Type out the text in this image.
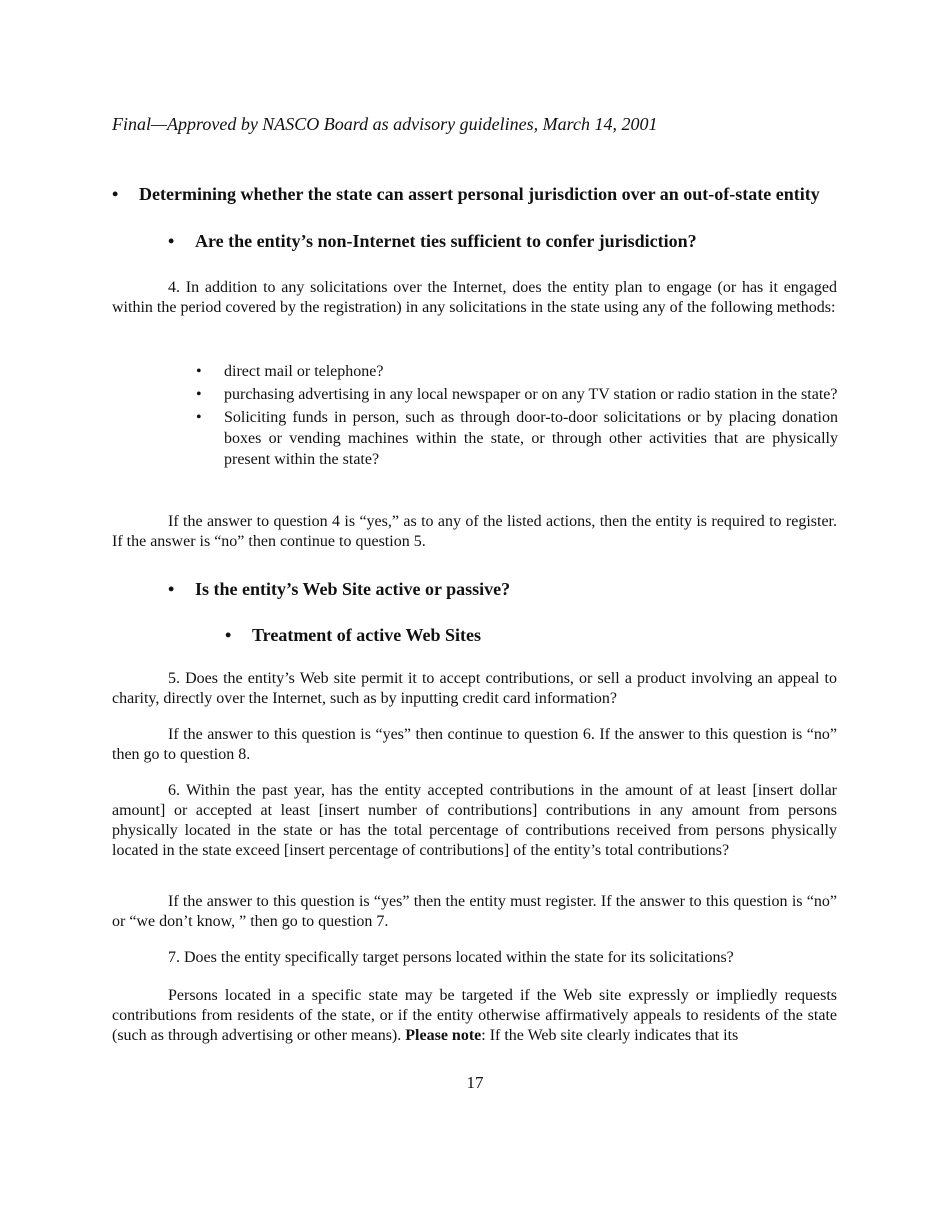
Final—Approved by NASCO Board as advisory guidelines, March 14, 2001
•	Determining whether the state can assert personal jurisdiction over an out-of-state entity
•	Are the entity’s non-Internet ties sufficient to confer jurisdiction?

4. In addition to any solicitations over the Internet, does the entity plan to engage (or has it engaged within the period covered by the registration) in any solicitations in the state using any of the following methods:

•	direct mail or telephone?
•	purchasing advertising in any local newspaper or on any TV station or radio station in the state?
•	Soliciting funds in person, such as through door-to-door solicitations or by placing donation boxes or vending machines within the state, or through other activities that are physically present within the state?

If the answer to question 4 is “yes,” as to any of the listed actions, then the entity is required to register. If the answer is “no” then continue to question 5.

•	Is the entity’s Web Site active or passive?
•	Treatment of active Web Sites

5. Does the entity’s Web site permit it to accept contributions, or sell a product involving an appeal to charity, directly over the Internet, such as by inputting credit card information?

If the answer to this question is “yes” then continue to question 6. If the answer to this question is “no” then go to question 8.

6. Within the past year, has the entity accepted contributions in the amount of at least [insert dollar amount] or accepted at least [insert number of contributions] contributions in any amount from persons physically located in the state or has the total percentage of contributions received from persons physically located in the state exceed [insert percentage of contributions] of the entity’s total contributions?

If the answer to this question is “yes” then the entity must register. If the answer to this question is “no” or “we don’t know, ” then go to question 7.

7. Does the entity specifically target persons located within the state for its solicitations?

Persons located in a specific state may be targeted if the Web site expressly or impliedly requests contributions from residents of the state, or if the entity otherwise affirmatively appeals to residents of the state (such as through advertising or other means). Please note: If the Web site clearly indicates that its

17
